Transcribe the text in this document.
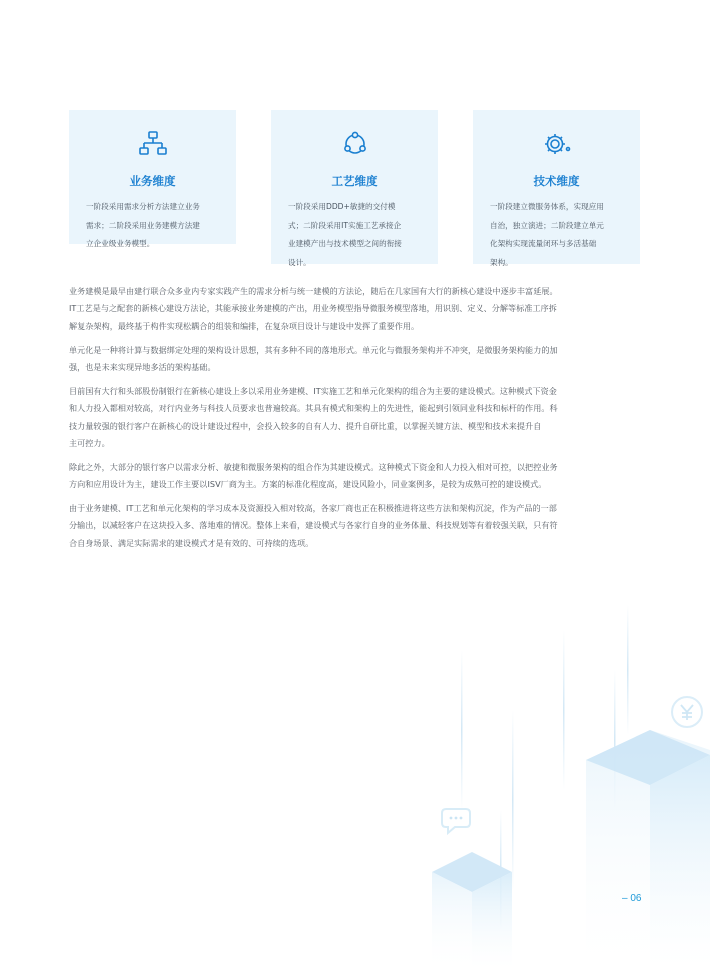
业务维度
一阶段采用需求分析方法建立业务
需求；二阶段采用业务建模方法建
立企业级业务模型。
工艺维度
一阶段采用DDD+敏捷的交付模
式；二阶段采用IT实施工艺承接企
业建模产出与技术模型之间的衔接
设计。
技术维度
一阶段建立微服务体系，实现应用
自治，独立演进；二阶段建立单元
化架构实现流量闭环与多活基础
架构。
业务建模是最早由建行联合众多业内专家实践产生的需求分析与统一建模的方法论，随后在几家国有大行的新核心建设中逐步丰富延展。
IT工艺是与之配套的新核心建设方法论，其能承接业务建模的产出，用业务模型指导微服务模型落地，用识别、定义、分解等标准工序拆
解复杂架构，最终基于构件实现松耦合的组装和编排，在复杂项目设计与建设中发挥了重要作用。
单元化是一种将计算与数据绑定处理的架构设计思想，其有多种不同的落地形式。单元化与微服务架构并不冲突，是微服务架构能力的加
强，也是未来实现异地多活的架构基础。
目前国有大行和头部股份制银行在新核心建设上多以采用业务建模、IT实施工艺和单元化架构的组合为主要的建设模式。这种模式下资金
和人力投入都相对较高，对行内业务与科技人员要求也普遍较高。其具有模式和架构上的先进性，能起到引领同业科技和标杆的作用。科
技力量较强的银行客户在新核心的设计建设过程中，会投入较多的自有人力、提升自研比重，以掌握关键方法、模型和技术来提升自
主可控力。
除此之外，大部分的银行客户以需求分析、敏捷和微服务架构的组合作为其建设模式。这种模式下资金和人力投入相对可控，以把控业务
方向和应用设计为主，建设工作主要以ISV厂商为主。方案的标准化程度高，建设风险小，同业案例多，是较为成熟可控的建设模式。
由于业务建模、IT工艺和单元化架构的学习成本及资源投入相对较高，各家厂商也正在积极推进将这些方法和架构沉淀，作为产品的一部
分输出，以减轻客户在这块投入多、落地难的情况。整体上来看，建设模式与各家行自身的业务体量、科技规划等有着较强关联，只有符
合自身场景、满足实际需求的建设模式才是有效的、可持续的选项。
– 06
